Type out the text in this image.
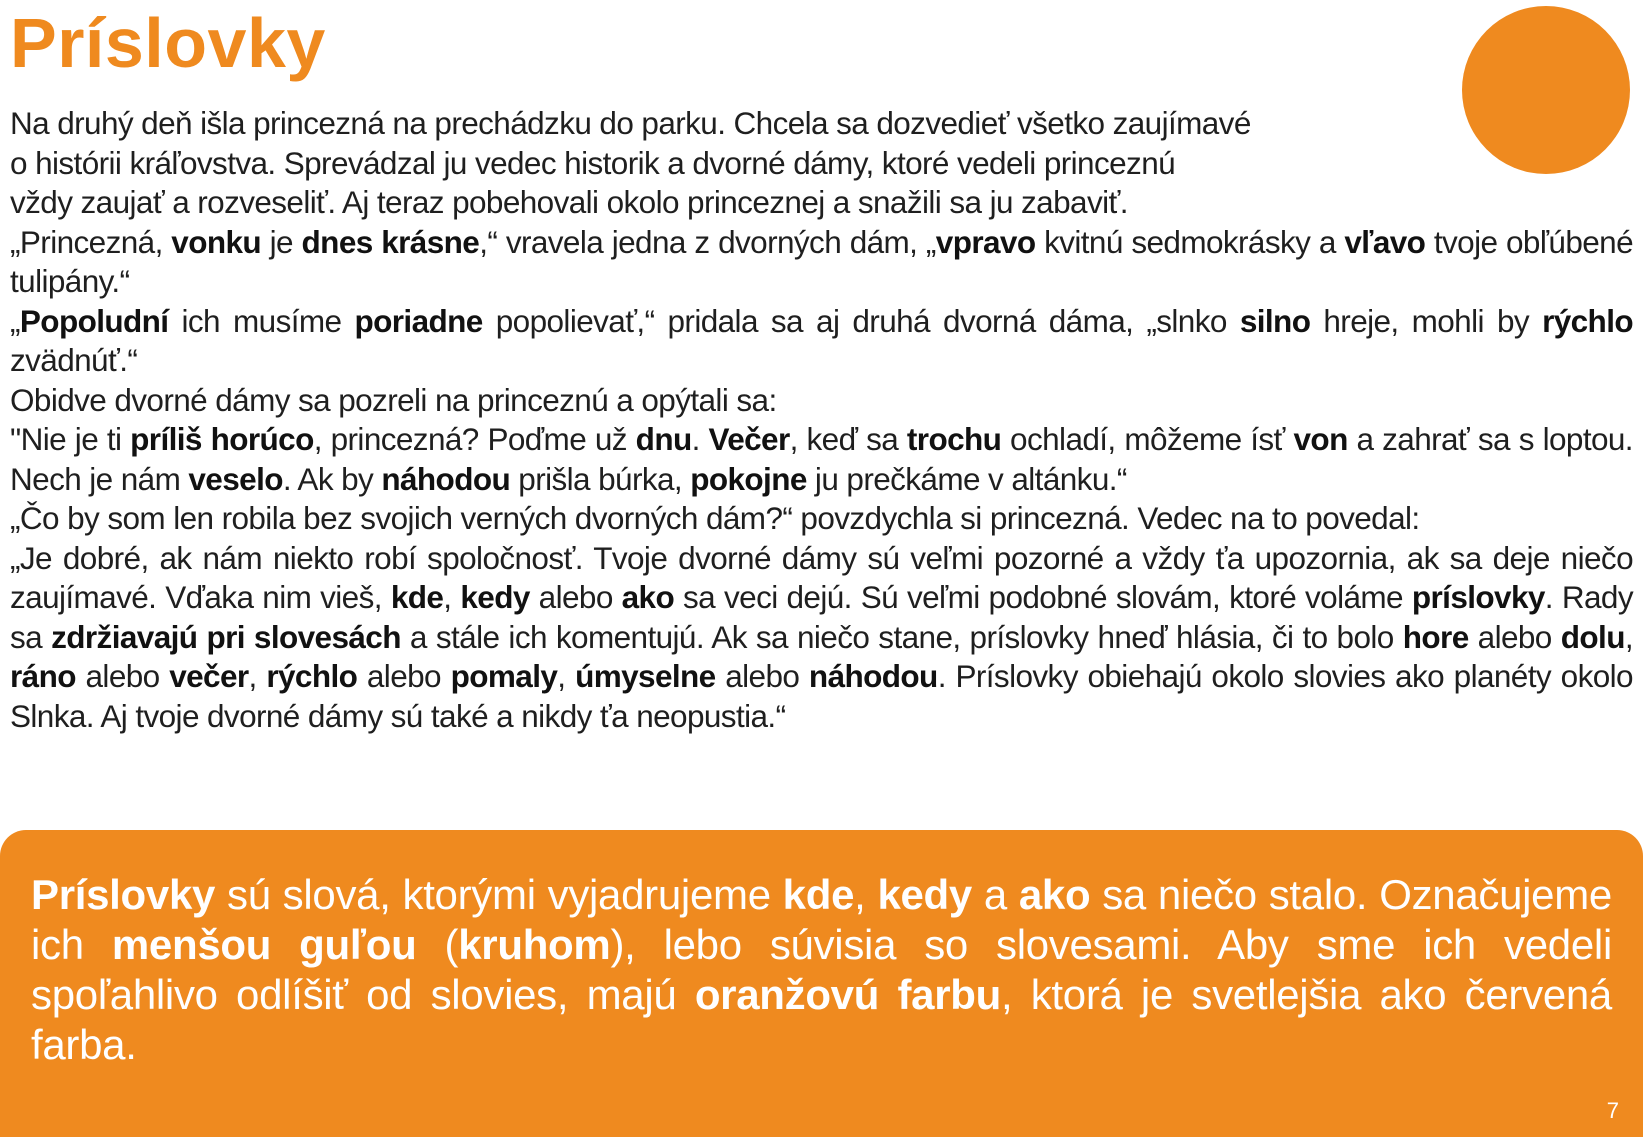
Príslovky

Na druhý deň išla princezná na prechádzku do parku. Chcela sa dozvedieť všetko zaujímavé

o histórii kráľovstva. Sprevádzal ju vedec historik a dvorné dámy, ktoré vedeli princeznú

vždy zaujať a rozveseliť. Aj teraz pobehovali okolo princeznej a snažili sa ju zabaviť.

„Princezná, vonku je dnes krásne,“ vravela jedna z dvorných dám, „vpravo kvitnú sedmokrásky a vľavo tvoje obľúbené tulipány.“

„Popoludní ich musíme poriadne popolievať,“ pridala sa aj druhá dvorná dáma, „slnko silno hreje, mohli by rýchlo zvädnúť.“

Obidve dvorné dámy sa pozreli na princeznú a opýtali sa:

"Nie je ti príliš horúco, princezná? Poďme už dnu. Večer, keď sa trochu ochladí, môžeme ísť von a zahrať sa s loptou. Nech je nám veselo. Ak by náhodou prišla búrka, pokojne ju prečkáme v altánku.“

„Čo by som len robila bez svojich verných dvorných dám?“ povzdychla si princezná. Vedec na to povedal:

„Je dobré, ak nám niekto robí spoločnosť. Tvoje dvorné dámy sú veľmi pozorné a vždy ťa upozornia, ak sa deje niečo zaujímavé. Vďaka nim vieš, kde, kedy alebo ako sa veci dejú. Sú veľmi podobné slovám, ktoré voláme príslovky. Rady sa zdržiavajú pri slovesách a stále ich komentujú. Ak sa niečo stane, príslovky hneď hlásia, či to bolo hore alebo dolu, ráno alebo večer, rýchlo alebo pomaly, úmyselne alebo náhodou. Príslovky obiehajú okolo slovies ako planéty okolo Slnka. Aj tvoje dvorné dámy sú také a nikdy ťa neopustia.“

Príslovky sú slová, ktorými vyjadrujeme kde, kedy a ako sa niečo stalo. Označujeme ich menšou guľou (kruhom), lebo súvisia so slovesami. Aby sme ich vedeli spoľahlivo odlíšiť od slovies, majú oranžovú farbu, ktorá je svetlejšia ako červená farba.

7
